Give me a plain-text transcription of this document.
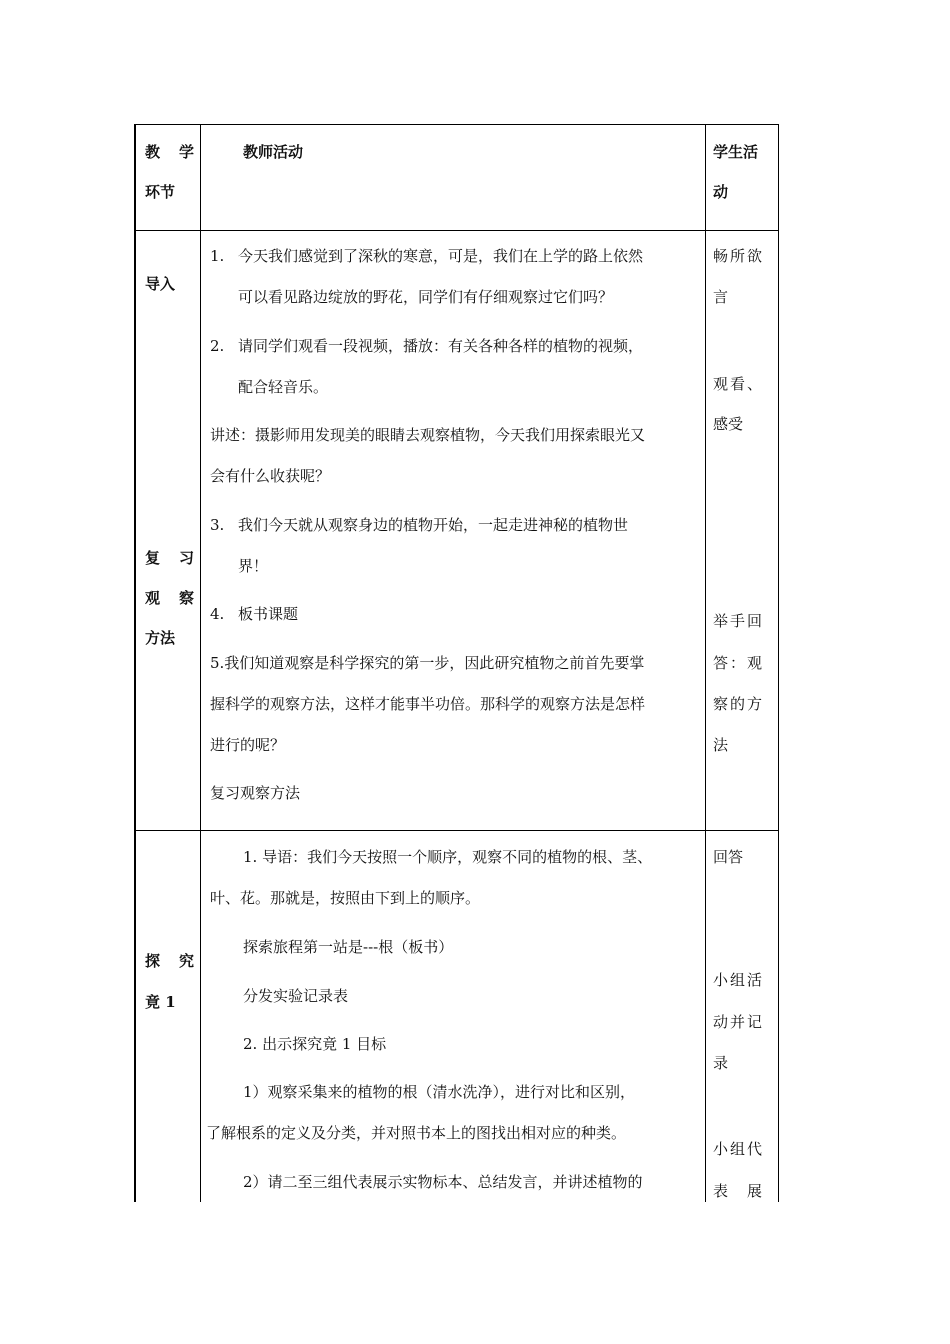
教　学
环节
教师活动	学生活
动
导入
复　习
观　察
方法
1. 今天我们感觉到了深秋的寒意，可是，我们在上学的路上依然
可以看见路边绽放的野花，同学们有仔细观察过它们吗？
2. 请同学们观看一段视频，播放：有关各种各样的植物的视频，
配合轻音乐。
讲述：摄影师用发现美的眼睛去观察植物，今天我们用探索眼光又
会有什么收获呢？
3. 我们今天就从观察身边的植物开始，一起走进神秘的植物世
界！
4. 板书课题
5.我们知道观察是科学探究的第一步，因此研究植物之前首先要掌
握科学的观察方法，这样才能事半功倍。那科学的观察方法是怎样
进行的呢？
复习观察方法
畅所欲
言
观看、
感受
举手回
答：观
察的方
法
探　究
竟 1
1. 导语：我们今天按照一个顺序，观察不同的植物的根、茎、
叶、花。那就是，按照由下到上的顺序。
探索旅程第一站是---根（板书）
分发实验记录表
2. 出示探究竟 1 目标
1）观察采集来的植物的根（清水洗净），进行对比和区别，
了解根系的定义及分类，并对照书本上的图找出相对应的种类。
2）请二至三组代表展示实物标本、总结发言，并讲述植物的
回答
小组活
动并记
录
小组代
表　展
